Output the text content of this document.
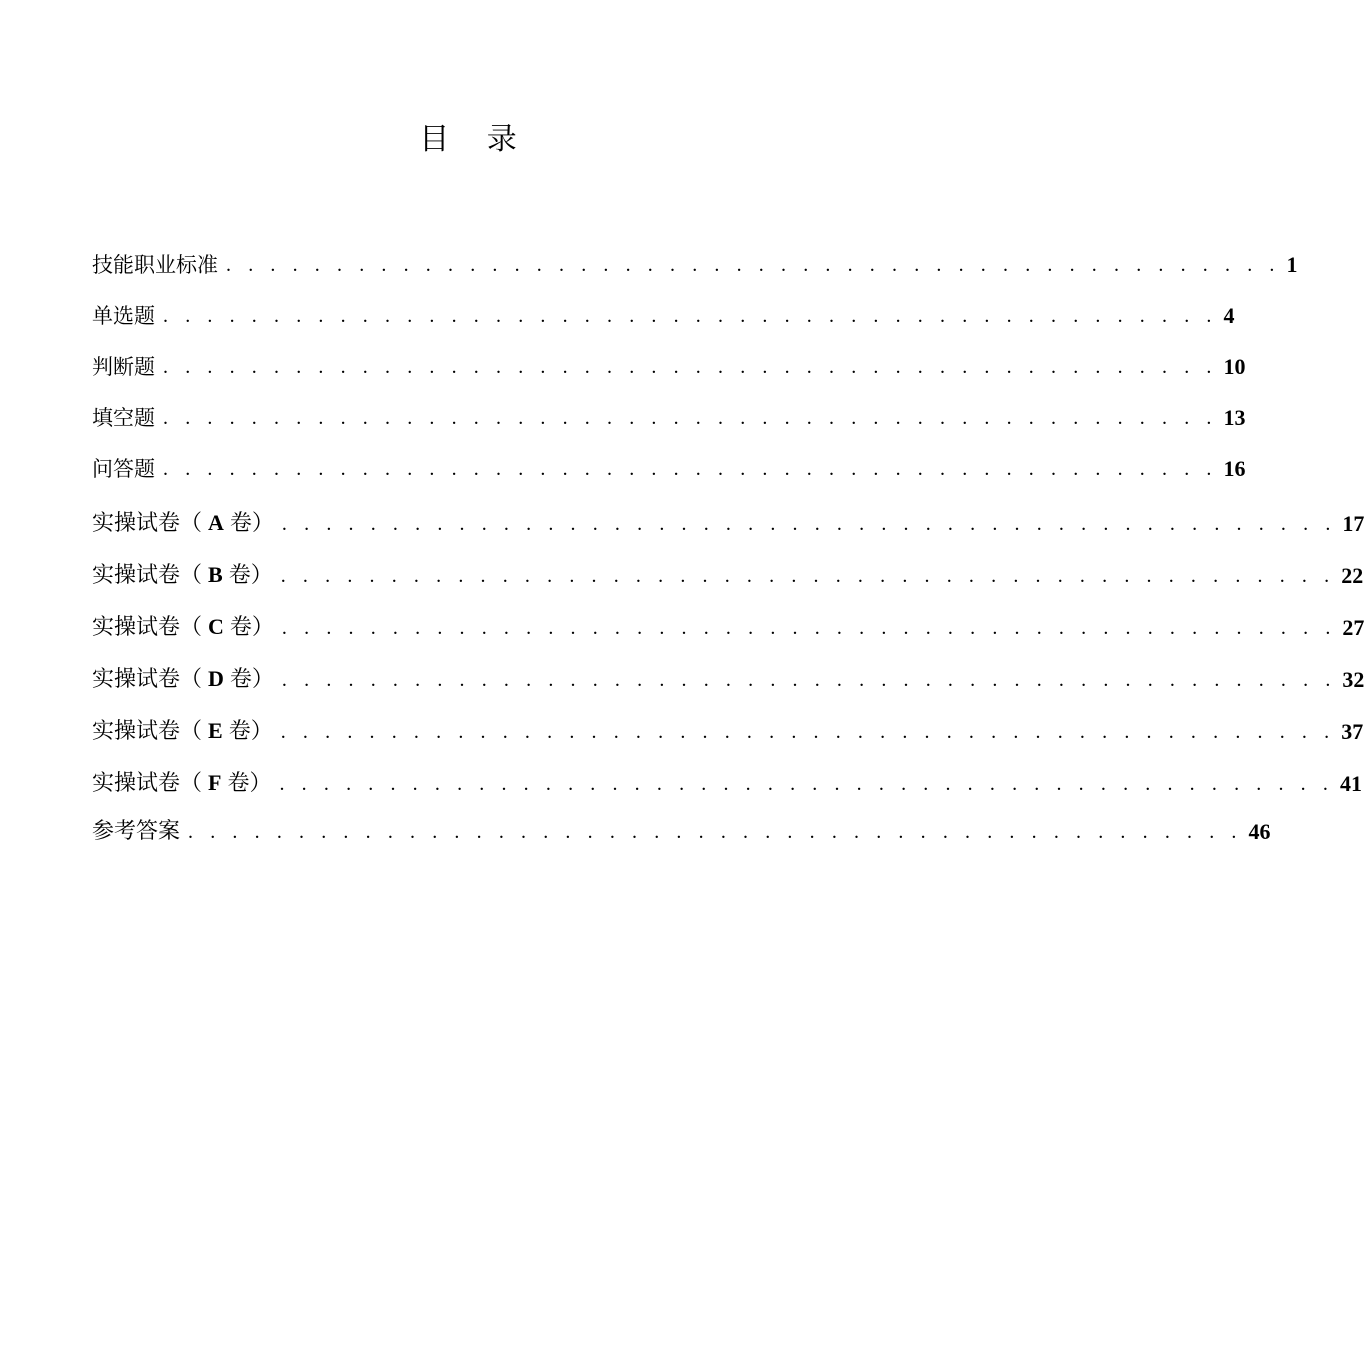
目 录
技能职业标准 . . . . . . . . . . . . . . . . . . . . . . . . . . . . . . . . . . . . . . . . . . . . . . . . 1
单选题 . . . . . . . . . . . . . . . . . . . . . . . . . . . . . . . . . . . . . . . . . . . . . . . . 4
判断题 . . . . . . . . . . . . . . . . . . . . . . . . . . . . . . . . . . . . . . . . . . . . . . . . 10
填空题 . . . . . . . . . . . . . . . . . . . . . . . . . . . . . . . . . . . . . . . . . . . . . . . . 13
问答题 . . . . . . . . . . . . . . . . . . . . . . . . . . . . . . . . . . . . . . . . . . . . . . . . 16
实操试卷（ A 卷） . . . . . . . . . . . . . . . . . . . . . . . . . . . . . . . . . . . . . . . . . . . . . . . . 17
实操试卷（ B 卷） . . . . . . . . . . . . . . . . . . . . . . . . . . . . . . . . . . . . . . . . . . . . . . . . 22
实操试卷（ C 卷） . . . . . . . . . . . . . . . . . . . . . . . . . . . . . . . . . . . . . . . . . . . . . . . . 27
实操试卷（ D 卷） . . . . . . . . . . . . . . . . . . . . . . . . . . . . . . . . . . . . . . . . . . . . . . . . 32
实操试卷（ E 卷） . . . . . . . . . . . . . . . . . . . . . . . . . . . . . . . . . . . . . . . . . . . . . . . . 37
实操试卷（ F 卷） . . . . . . . . . . . . . . . . . . . . . . . . . . . . . . . . . . . . . . . . . . . . . . . . 41
参考答案 . . . . . . . . . . . . . . . . . . . . . . . . . . . . . . . . . . . . . . . . . . . . . . . . 46
